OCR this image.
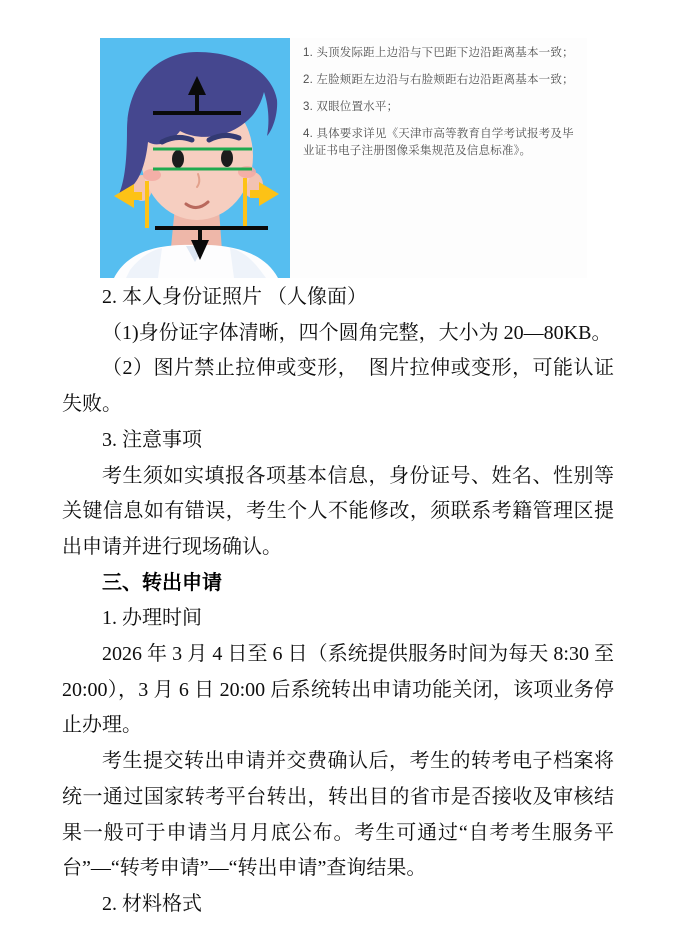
1. 头顶发际距上边沿与下巴距下边沿距离基本一致；

2. 左脸颊距左边沿与右脸颊距右边沿距离基本一致；

3. 双眼位置水平；

4. 具体要求详见《天津市高等教育自学考试报考及毕业证书电子注册图像采集规范及信息标准》。

2. 本人身份证照片 （人像面）

（1)身份证字体清晰，四个圆角完整，大小为 20—80KB。

（2）图片禁止拉伸或变形，　图片拉伸或变形，可能认证失败。

3. 注意事项

考生须如实填报各项基本信息，身份证号、姓名、性别等关键信息如有错误，考生个人不能修改，须联系考籍管理区提出申请并进行现场确认。

三、转出申请

1. 办理时间

2026 年 3 月 4 日至 6 日（系统提供服务时间为每天 8:30 至 20:00），3 月 6 日 20:00 后系统转出申请功能关闭，该项业务停止办理。

考生提交转出申请并交费确认后，考生的转考电子档案将统一通过国家转考平台转出，转出目的省市是否接收及审核结果一般可于申请当月月底公布。考生可通过“自考考生服务平台”—“转考申请”—“转出申请”查询结果。

2. 材料格式
